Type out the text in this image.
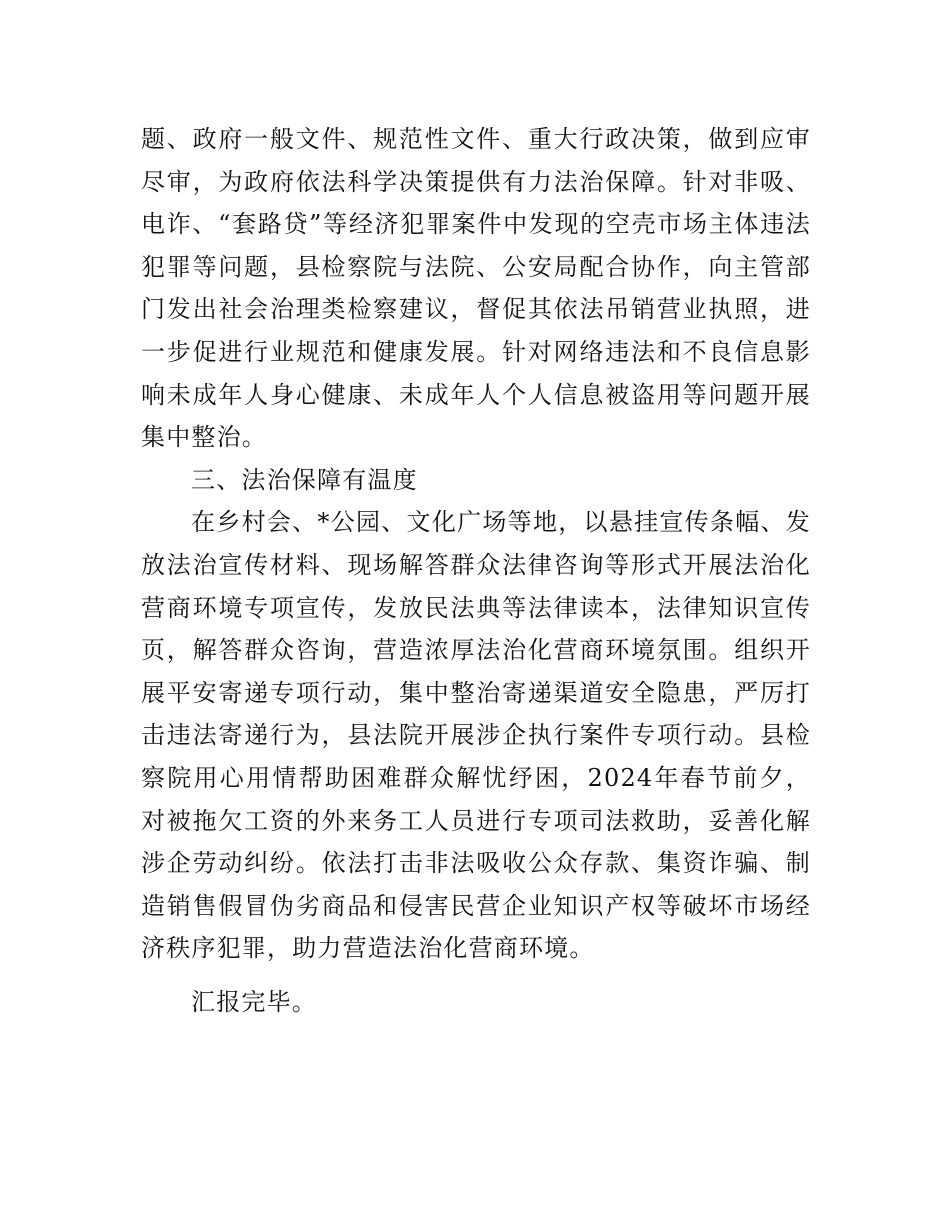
题、政府一般文件、规范性文件、重大行政决策，做到应审尽审，为政府依法科学决策提供有力法治保障。针对非吸、电诈、“套路贷”等经济犯罪案件中发现的空壳市场主体违法犯罪等问题，县检察院与法院、公安局配合协作，向主管部门发出社会治理类检察建议，督促其依法吊销营业执照，进一步促进行业规范和健康发展。针对网络违法和不良信息影响未成年人身心健康、未成年人个人信息被盗用等问题开展集中整治。

三、法治保障有温度

在乡村会、*公园、文化广场等地，以悬挂宣传条幅、发放法治宣传材料、现场解答群众法律咨询等形式开展法治化营商环境专项宣传，发放民法典等法律读本，法律知识宣传页，解答群众咨询，营造浓厚法治化营商环境氛围。组织开展平安寄递专项行动，集中整治寄递渠道安全隐患，严厉打击违法寄递行为，县法院开展涉企执行案件专项行动。县检察院用心用情帮助困难群众解忧纾困，2024年春节前夕，对被拖欠工资的外来务工人员进行专项司法救助，妥善化解涉企劳动纠纷。依法打击非法吸收公众存款、集资诈骗、制造销售假冒伪劣商品和侵害民营企业知识产权等破坏市场经济秩序犯罪，助力营造法治化营商环境。

汇报完毕。
